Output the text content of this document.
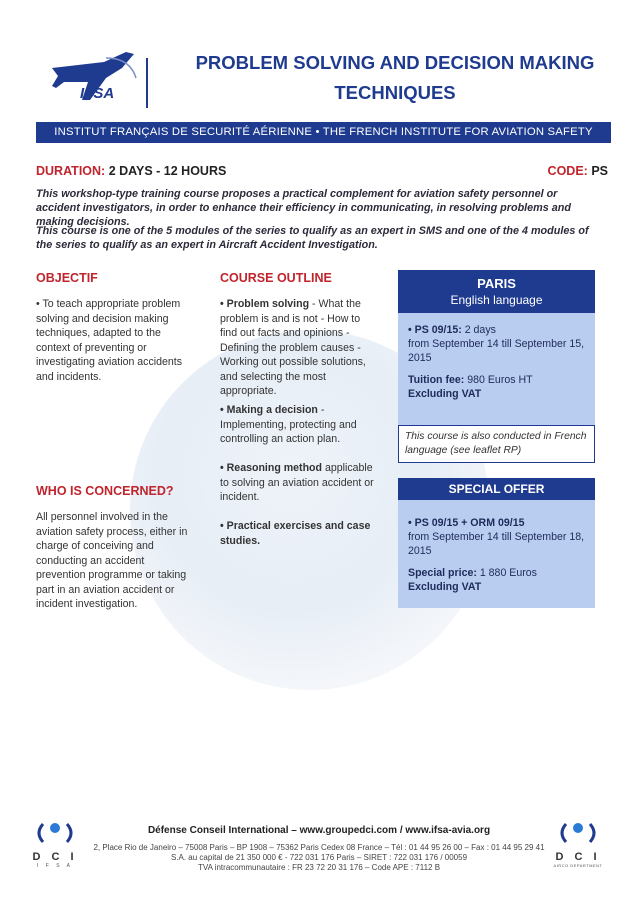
IFSA
PROBLEM SOLVING AND DECISION MAKING
TECHNIQUES
INSTITUT FRANÇAIS DE SECURITÉ AÉRIENNE • THE FRENCH INSTITUTE FOR AVIATION SAFETY
DURATION: 2 DAYS - 12 HOURS	CODE: PS
This workshop-type training course proposes a practical complement for aviation safety personnel or accident investigators, in order to enhance their efficiency in communicating, in resolving problems and making decisions.
This course is one of the 5 modules of the series to qualify as an expert in SMS and one of the 4 modules of the series to qualify as an expert in Aircraft Accident Investigation.
OBJECTIF
• To teach appropriate problem solving and decision making techniques, adapted to the context of preventing or investigating aviation accidents and incidents.
WHO IS CONCERNED?
All personnel involved in the aviation safety process, either in charge of conceiving and conducting an accident prevention programme or taking part in an aviation accident or incident investigation.
COURSE OUTLINE
• Problem solving - What the problem is and is not - How to find out facts and opinions - Defining the problem causes - Working out possible solutions, and selecting the most appropriate.
• Making a decision - Implementing, protecting and controlling an action plan.
• Reasoning method applicable to solving an aviation accident or incident.
• Practical exercises and case studies.
PARIS
English language
• PS 09/15: 2 days
from September 14 till September 15, 2015
Tuition fee: 980 Euros HT
Excluding VAT
This course is also conducted in French language (see leaflet RP)
SPECIAL OFFER
• PS 09/15 + ORM 09/15
from September 14 till September 18, 2015
Special price: 1 880 Euros
Excluding VAT
D C I
I F S A
D C I
AIRCO DEPARTMENT
Défense Conseil International – www.groupedci.com / www.ifsa-avia.org
2, Place Rio de Janeiro – 75008 Paris – BP 1908 – 75362 Paris Cedex 08 France – Tél : 01 44 95 26 00 – Fax : 01 44 95 29 41
S.A. au capital de 21 350 000 € - 722 031 176 Paris – SIRET : 722 031 176 / 00059
TVA intracommunautaire : FR 23 72 20 31 176 – Code APE : 7112 B
